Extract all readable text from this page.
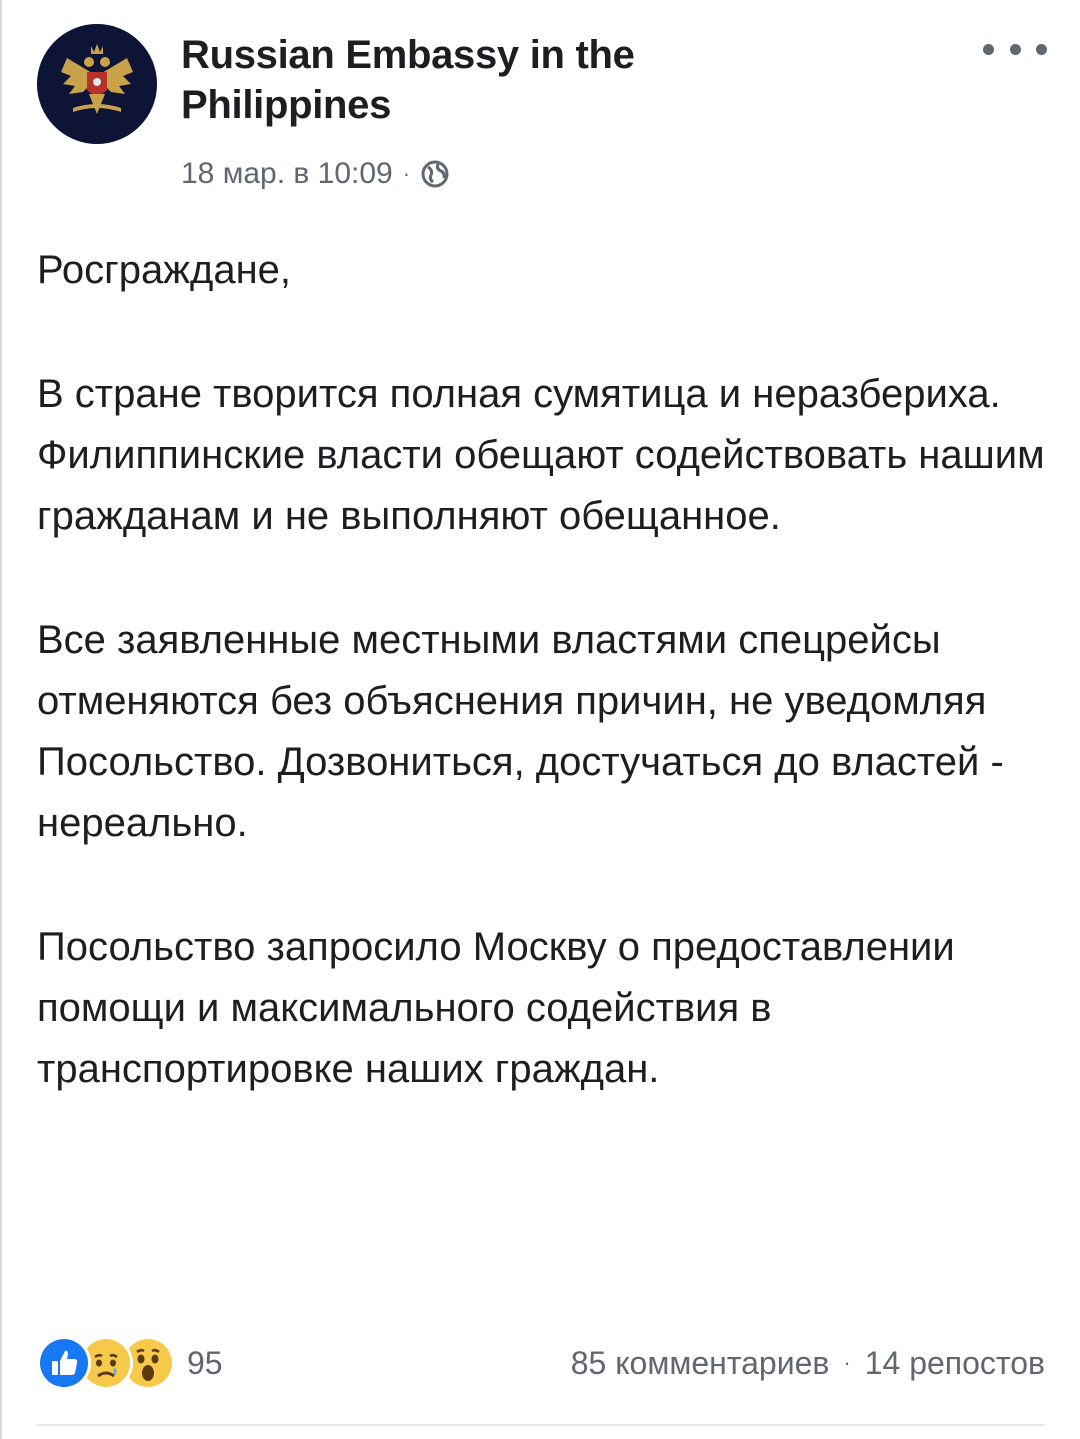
Russian Embassy in the Philippines
18 мар. в 10:09 ·

Росграждане,

В стране творится полная сумятица и неразбериха. Филиппинские власти обещают содействовать нашим гражданам и не выполняют обещанное.

Все заявленные местными властями спецрейсы отменяются без объяснения причин, не уведомляя Посольство. Дозвониться, достучаться до властей - нереально.

Посольство запросило Москву о предоставлении помощи и максимального содействия в транспортировке наших граждан.

95	85 комментариев · 14 репостов
